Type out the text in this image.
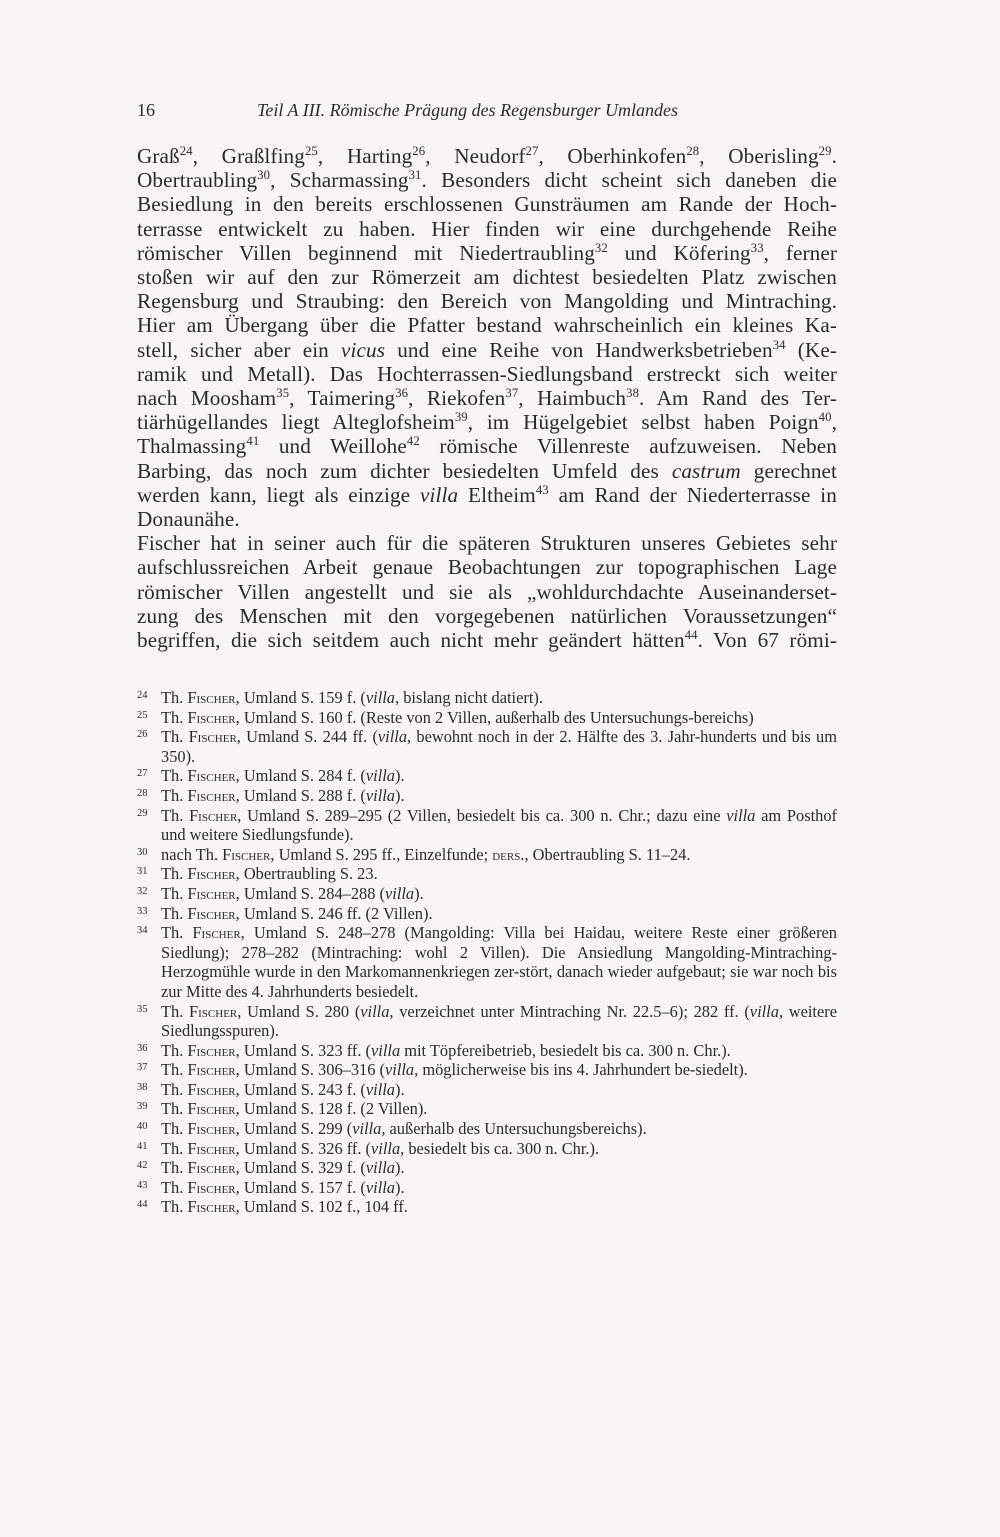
16	Teil A III. Römische Prägung des Regensburger Umlandes
Graß$^{24}$, Graßlfing$^{25}$, Harting$^{26}$, Neudorf$^{27}$, Oberhinkofen$^{28}$, Oberisling$^{29}$.
Obertraubling$^{30}$, Scharmassing$^{31}$. Besonders dicht scheint sich daneben die
Besiedlung in den bereits erschlossenen Gunsträumen am Rande der Hoch-
terrasse entwickelt zu haben. Hier finden wir eine durchgehende Reihe
römischer Villen beginnend mit Niedertraubling$^{32}$ und Köfering$^{33}$, ferner
stoßen wir auf den zur Römerzeit am dichtest besiedelten Platz zwischen
Regensburg und Straubing: den Bereich von Mangolding und Mintraching.
Hier am Übergang über die Pfatter bestand wahrscheinlich ein kleines Ka-
stell, sicher aber ein vicus und eine Reihe von Handwerksbetrieben$^{34}$ (Ke-
ramik und Metall). Das Hochterrassen-Siedlungsband erstreckt sich weiter
nach Moosham$^{35}$, Taimering$^{36}$, Riekofen$^{37}$, Haimbuch$^{38}$. Am Rand des Ter-
tiärhügellandes liegt Alteglofsheim$^{39}$, im Hügelgebiet selbst haben Poign$^{40}$,
Thalmassing$^{41}$ und Weillohe$^{42}$ römische Villenreste aufzuweisen. Neben
Barbing, das noch zum dichter besiedelten Umfeld des castrum gerechnet
werden kann, liegt als einzige villa Eltheim$^{43}$ am Rand der Niederterrasse in
Donaunähe.
Fischer hat in seiner auch für die späteren Strukturen unseres Gebietes sehr
aufschlussreichen Arbeit genaue Beobachtungen zur topographischen Lage
römischer Villen angestellt und sie als „wohldurchdachte Auseinanderset-
zung des Menschen mit den vorgegebenen natürlichen Voraussetzungen“
begriffen, die sich seitdem auch nicht mehr geändert hätten$^{44}$. Von 67 römi-

24 Th. Fischer, Umland S. 159 f. (villa, bislang nicht datiert).

25 Th. Fischer, Umland S. 160 f. (Reste von 2 Villen, außerhalb des Untersuchungs-bereichs)

26 Th. Fischer, Umland S. 244 ff. (villa, bewohnt noch in der 2. Hälfte des 3. Jahr-hunderts und bis um 350).

27 Th. Fischer, Umland S. 284 f. (villa).

28 Th. Fischer, Umland S. 288 f. (villa).

29 Th. Fischer, Umland S. 289–295 (2 Villen, besiedelt bis ca. 300 n. Chr.; dazu eine villa am Posthof und weitere Siedlungsfunde).

30 nach Th. Fischer, Umland S. 295 ff., Einzelfunde; ders., Obertraubling S. 11–24.

31 Th. Fischer, Obertraubling S. 23.

32 Th. Fischer, Umland S. 284–288 (villa).

33 Th. Fischer, Umland S. 246 ff. (2 Villen).

34 Th. Fischer, Umland S. 248–278 (Mangolding: Villa bei Haidau, weitere Reste einer größeren Siedlung); 278–282 (Mintraching: wohl 2 Villen). Die Ansiedlung Mangolding-Mintraching-Herzogmühle wurde in den Markomannenkriegen zer-stört, danach wieder aufgebaut; sie war noch bis zur Mitte des 4. Jahrhunderts besiedelt.

35 Th. Fischer, Umland S. 280 (villa, verzeichnet unter Mintraching Nr. 22.5–6); 282 ff. (villa, weitere Siedlungsspuren).

36 Th. Fischer, Umland S. 323 ff. (villa mit Töpfereibetrieb, besiedelt bis ca. 300 n. Chr.).

37 Th. Fischer, Umland S. 306–316 (villa, möglicherweise bis ins 4. Jahrhundert be-siedelt).

38 Th. Fischer, Umland S. 243 f. (villa).

39 Th. Fischer, Umland S. 128 f. (2 Villen).

40 Th. Fischer, Umland S. 299 (villa, außerhalb des Untersuchungsbereichs).

41 Th. Fischer, Umland S. 326 ff. (villa, besiedelt bis ca. 300 n. Chr.).

42 Th. Fischer, Umland S. 329 f. (villa).

43 Th. Fischer, Umland S. 157 f. (villa).

44 Th. Fischer, Umland S. 102 f., 104 ff.
